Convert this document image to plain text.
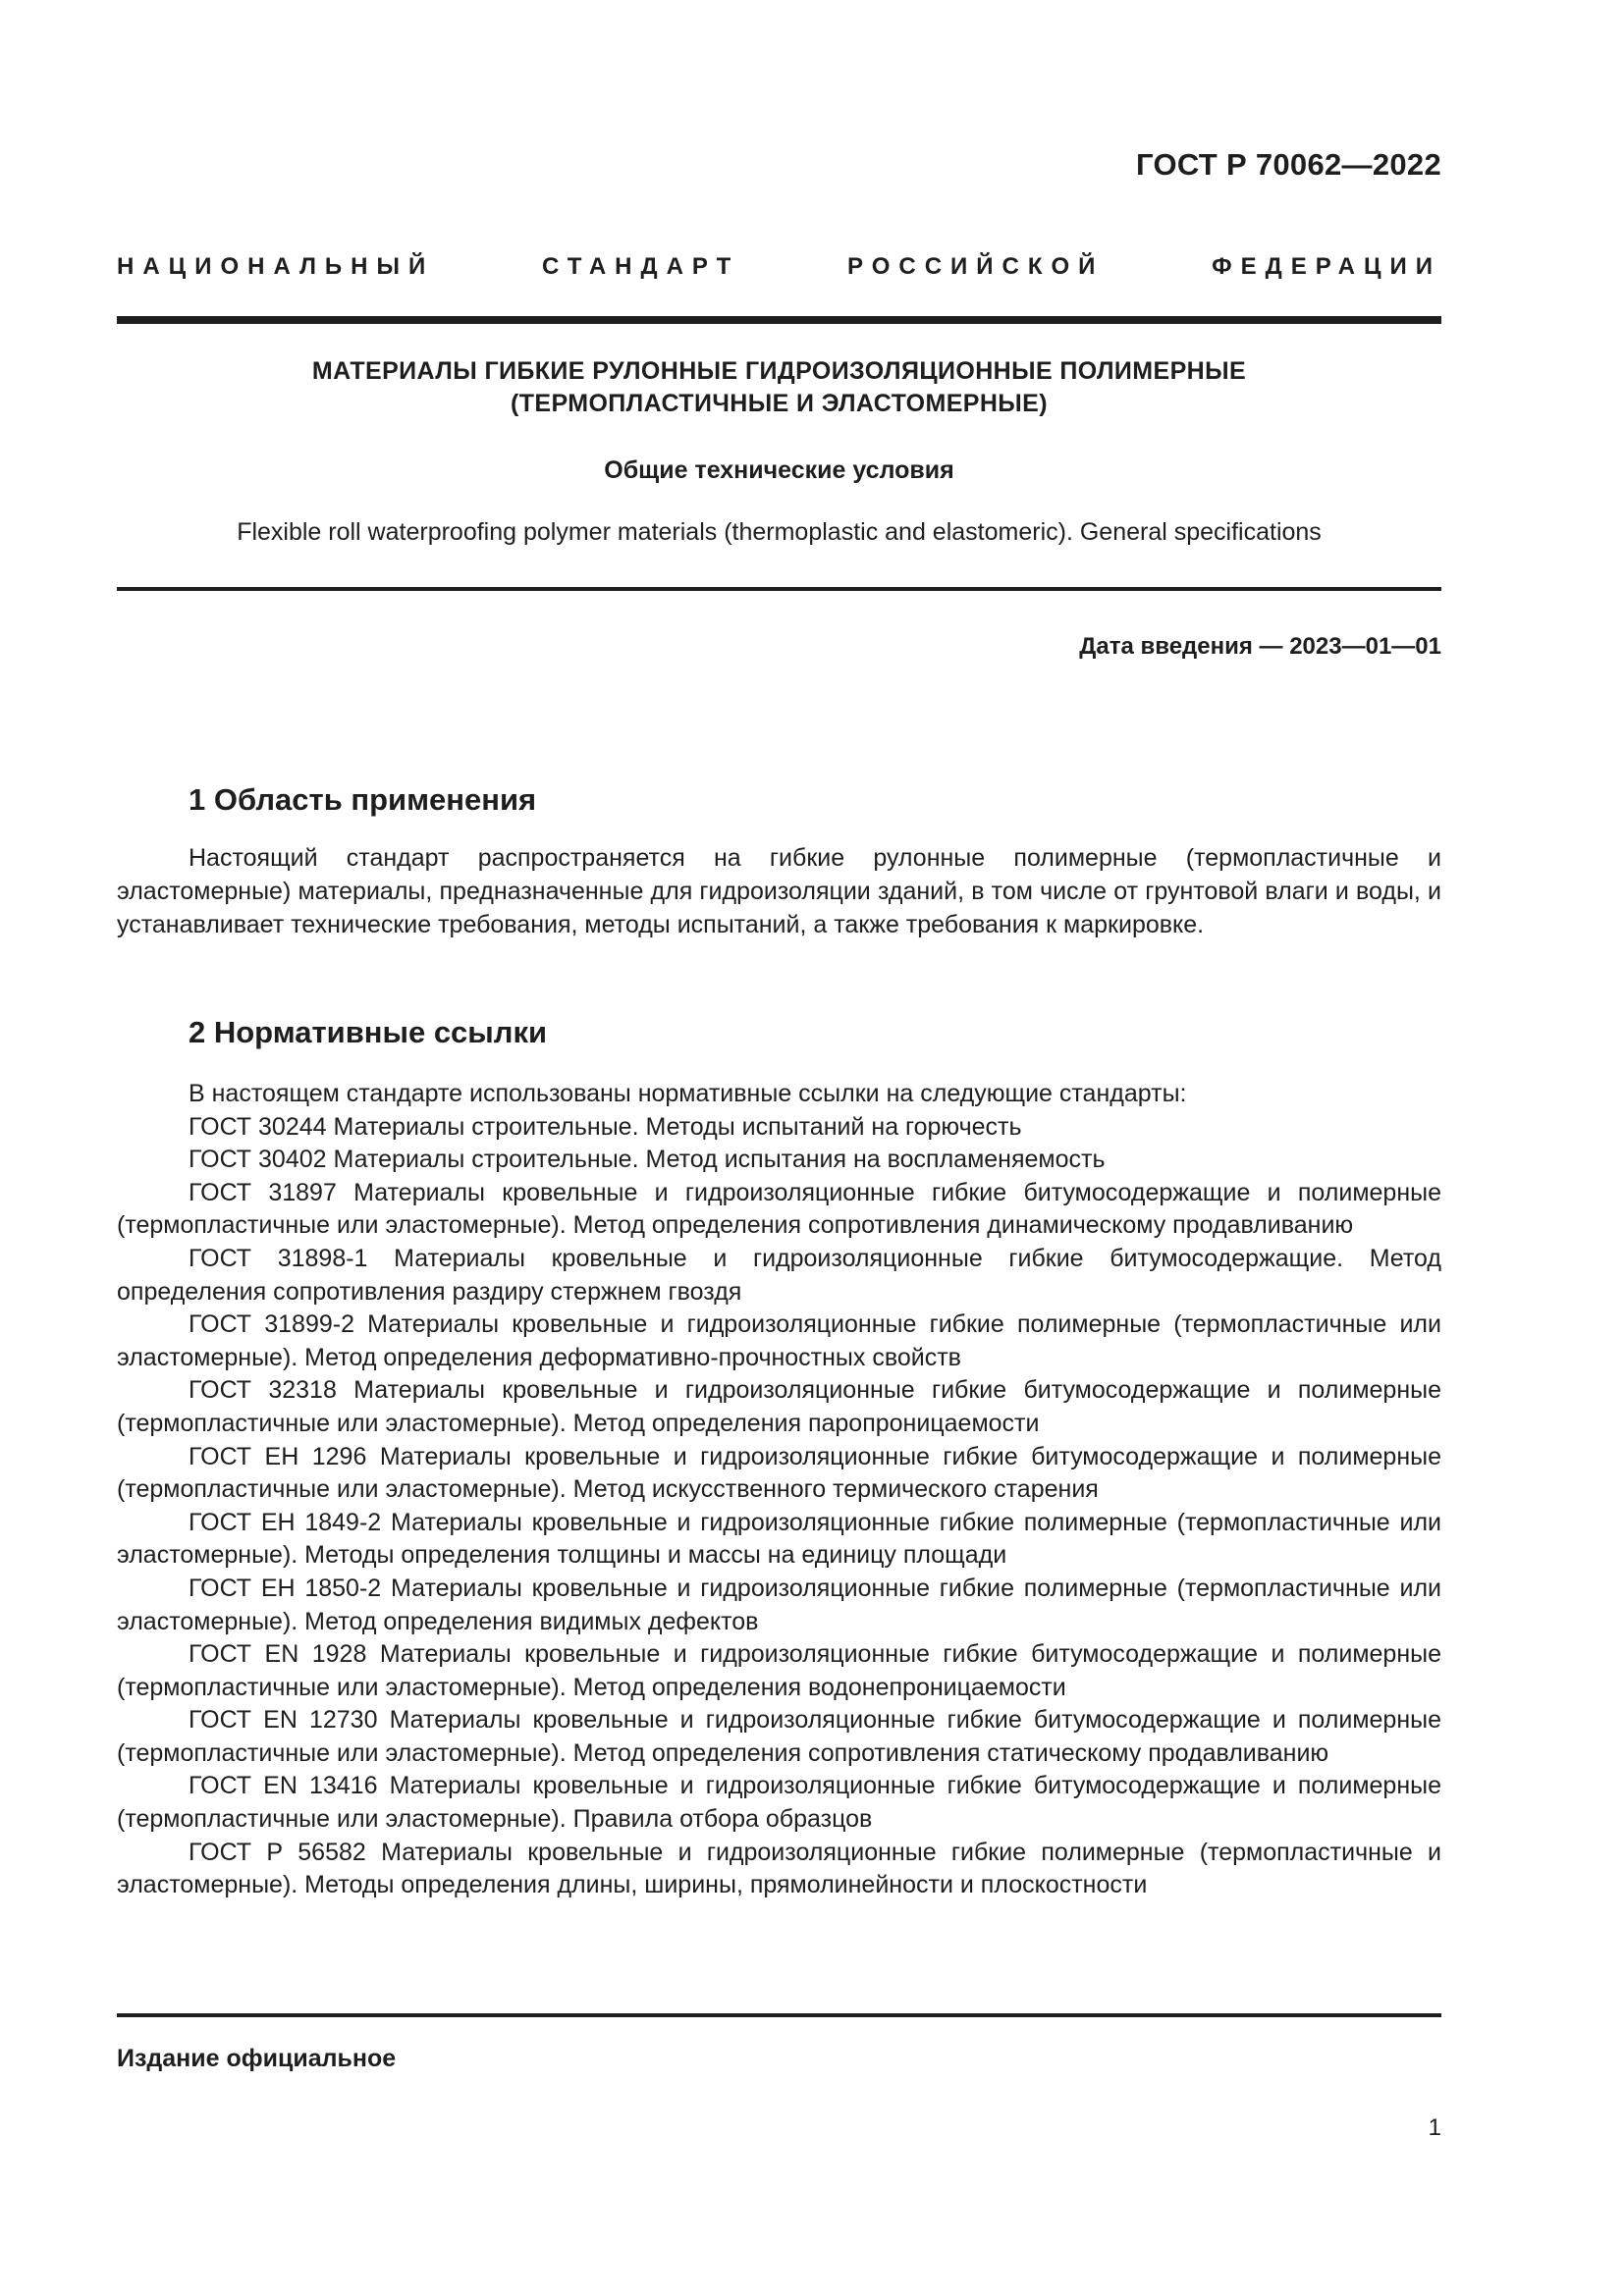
ГОСТ Р 70062—2022

НАЦИОНАЛЬНЫЙ СТАНДАРТ РОССИЙСКОЙ ФЕДЕРАЦИИ

МАТЕРИАЛЫ ГИБКИЕ РУЛОННЫЕ ГИДРОИЗОЛЯЦИОННЫЕ ПОЛИМЕРНЫЕ

(ТЕРМОПЛАСТИЧНЫЕ И ЭЛАСТОМЕРНЫЕ)

Общие технические условия

Flexible roll waterproofing polymer materials (thermoplastic and elastomeric). General specifications

Дата введения — 2023—01—01

1 Область применения

Настоящий стандарт распространяется на гибкие рулонные полимерные (термопластичные и эластомерные) материалы, предназначенные для гидроизоляции зданий, в том числе от грунтовой влаги и воды, и устанавливает технические требования, методы испытаний, а также требования к маркировке.

2 Нормативные ссылки
В настоящем стандарте использованы нормативные ссылки на следующие стандарты:
ГОСТ 30244 Материалы строительные. Методы испытаний на горючесть
ГОСТ 30402 Материалы строительные. Метод испытания на воспламеняемость
ГОСТ 31897 Материалы кровельные и гидроизоляционные гибкие битумосодержащие и полимерные (термопластичные или эластомерные). Метод определения сопротивления динамическому продавливанию
ГОСТ 31898-1 Материалы кровельные и гидроизоляционные гибкие битумосодержащие. Метод определения сопротивления раздиру стержнем гвоздя
ГОСТ 31899-2 Материалы кровельные и гидроизоляционные гибкие полимерные (термопластичные или эластомерные). Метод определения деформативно-прочностных свойств
ГОСТ 32318 Материалы кровельные и гидроизоляционные гибкие битумосодержащие и полимерные (термопластичные или эластомерные). Метод определения паропроницаемости
ГОСТ ЕН 1296 Материалы кровельные и гидроизоляционные гибкие битумосодержащие и полимерные (термопластичные или эластомерные). Метод искусственного термического старения
ГОСТ ЕН 1849-2 Материалы кровельные и гидроизоляционные гибкие полимерные (термопластичные или эластомерные). Методы определения толщины и массы на единицу площади
ГОСТ ЕН 1850-2 Материалы кровельные и гидроизоляционные гибкие полимерные (термопластичные или эластомерные). Метод определения видимых дефектов
ГОСТ EN 1928 Материалы кровельные и гидроизоляционные гибкие битумосодержащие и полимерные (термопластичные или эластомерные). Метод определения водонепроницаемости
ГОСТ EN 12730 Материалы кровельные и гидроизоляционные гибкие битумосодержащие и полимерные (термопластичные или эластомерные). Метод определения сопротивления статическому продавливанию
ГОСТ EN 13416 Материалы кровельные и гидроизоляционные гибкие битумосодержащие и полимерные (термопластичные или эластомерные). Правила отбора образцов
ГОСТ Р 56582 Материалы кровельные и гидроизоляционные гибкие полимерные (термопластичные и эластомерные). Методы определения длины, ширины, прямолинейности и плоскостности

Издание официальное

1
